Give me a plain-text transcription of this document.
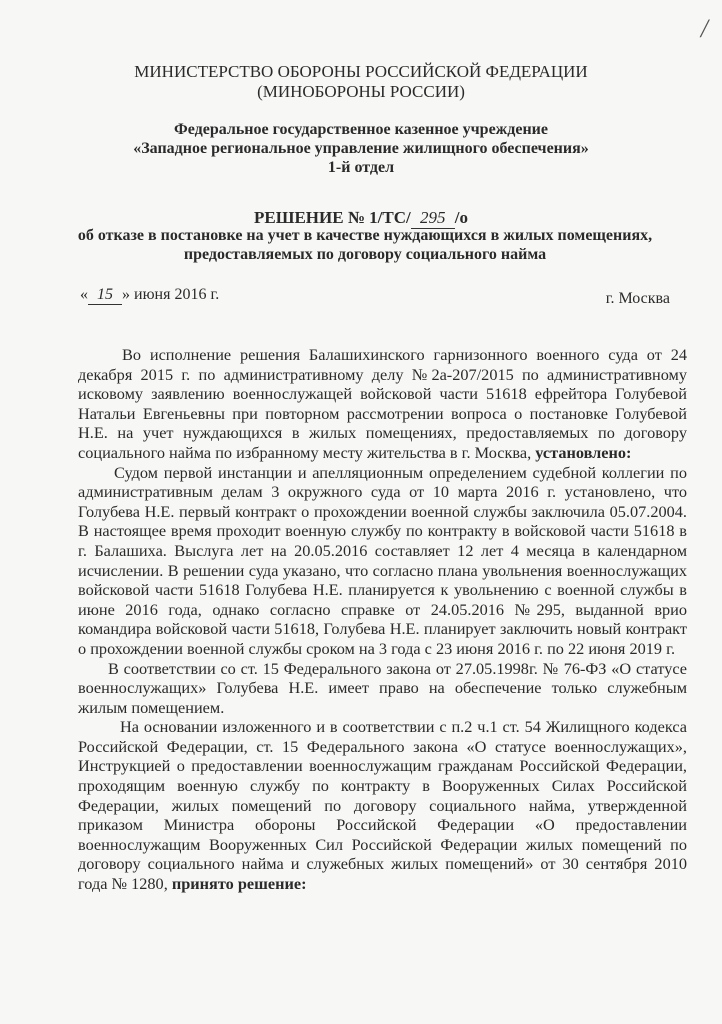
/
МИНИСТЕРСТВО ОБОРОНЫ РОССИЙСКОЙ ФЕДЕРАЦИИ
(МИНОБОРОНЫ РОССИИ)
Федеральное государственное казенное учреждение
«Западное региональное управление жилищного обеспечения»
1-й отдел
РЕШЕНИЕ № 1/ТС/ 295 /о
об отказе в постановке на учет в качестве нуждающихся в жилых помещениях,
предоставляемых по договору социального найма
« 15 » июня 2016 г.	г. Москва

Во исполнение решения Балашихинского гарнизонного военного суда от 24 декабря 2015 г. по административному делу №2а-207/2015 по административному исковому заявлению военнослужащей войсковой части 51618 ефрейтора Голубевой Натальи Евгеньевны при повторном рассмотрении вопроса о постановке Голубевой Н.Е. на учет нуждающихся в жилых помещениях, предоставляемых по договору социального найма по избранному месту жительства в г. Москва, установлено:

Судом первой инстанции и апелляционным определением судебной коллегии по административным делам 3 окружного суда от 10 марта 2016 г. установлено, что Голубева Н.Е. первый контракт о прохождении военной службы заключила 05.07.2004. В настоящее время проходит военную службу по контракту в войсковой части 51618 в г. Балашиха. Выслуга лет на 20.05.2016 составляет 12 лет 4 месяца в календарном исчислении. В решении суда указано, что согласно плана увольнения военнослужащих войсковой части 51618 Голубева Н.Е. планируется к увольнению с военной службы в июне 2016 года, однако согласно справке от 24.05.2016 №295, выданной врио командира войсковой части 51618, Голубева Н.Е. планирует заключить новый контракт о прохождении военной службы сроком на 3 года с 23 июня 2016 г. по 22 июня 2019 г.

В соответствии со ст. 15 Федерального закона от 27.05.1998г. № 76-ФЗ «О статусе военнослужащих» Голубева Н.Е. имеет право на обеспечение только служебным жилым помещением.

На основании изложенного и в соответствии с п.2 ч.1 ст. 54 Жилищного кодекса Российской Федерации, ст. 15 Федерального закона «О статусе военнослужащих», Инструкцией о предоставлении военнослужащим гражданам Российской Федерации, проходящим военную службу по контракту в Вооруженных Силах Российской Федерации, жилых помещений по договору социального найма, утвержденной приказом Министра обороны Российской Федерации «О предоставлении военнослужащим Вооруженных Сил Российской Федерации жилых помещений по договору социального найма и служебных жилых помещений» от 30 сентября 2010 года № 1280, принято решение:
